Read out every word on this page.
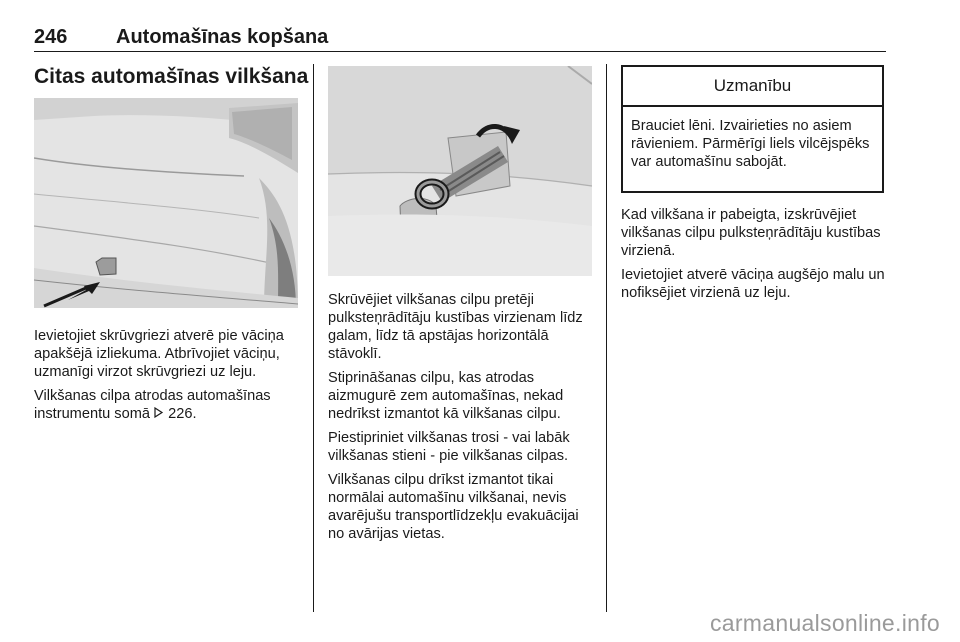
246 Automašīnas kopšana
Citas automašīnas vilkšana

Ievietojiet skrūvgriezi atverē pie vāciņa apakšējā izliekuma. Atbrīvojiet vāciņu, uzmanīgi virzot skrūvgriezi uz leju.

Vilkšanas cilpa atrodas automašīnas instrumentu somā 226.

Skrūvējiet vilkšanas cilpu pretēji pulksteņrādītāju kustības virzienam līdz galam, līdz tā apstājas horizontālā stāvoklī.

Stiprināšanas cilpu, kas atrodas aizmugurē zem automašīnas, nekad nedrīkst izmantot kā vilkšanas cilpu.

Piestipriniet vilkšanas trosi - vai labāk vilkšanas stieni - pie vilkšanas cilpas.

Vilkšanas cilpu drīkst izmantot tikai normālai automašīnu vilkšanai, nevis avarējušu transportlīdzekļu evakuācijai no avārijas vietas.

Uzmanību
Brauciet lēni. Izvairieties no asiem rāvieniem. Pārmērīgi liels vilcējspēks var automašīnu sabojāt.

Kad vilkšana ir pabeigta, izskrūvējiet vilkšanas cilpu pulksteņrādītāju kustības virzienā.

Ievietojiet atverē vāciņa augšējo malu un nofiksējiet virzienā uz leju.

carmanualsonline.info
